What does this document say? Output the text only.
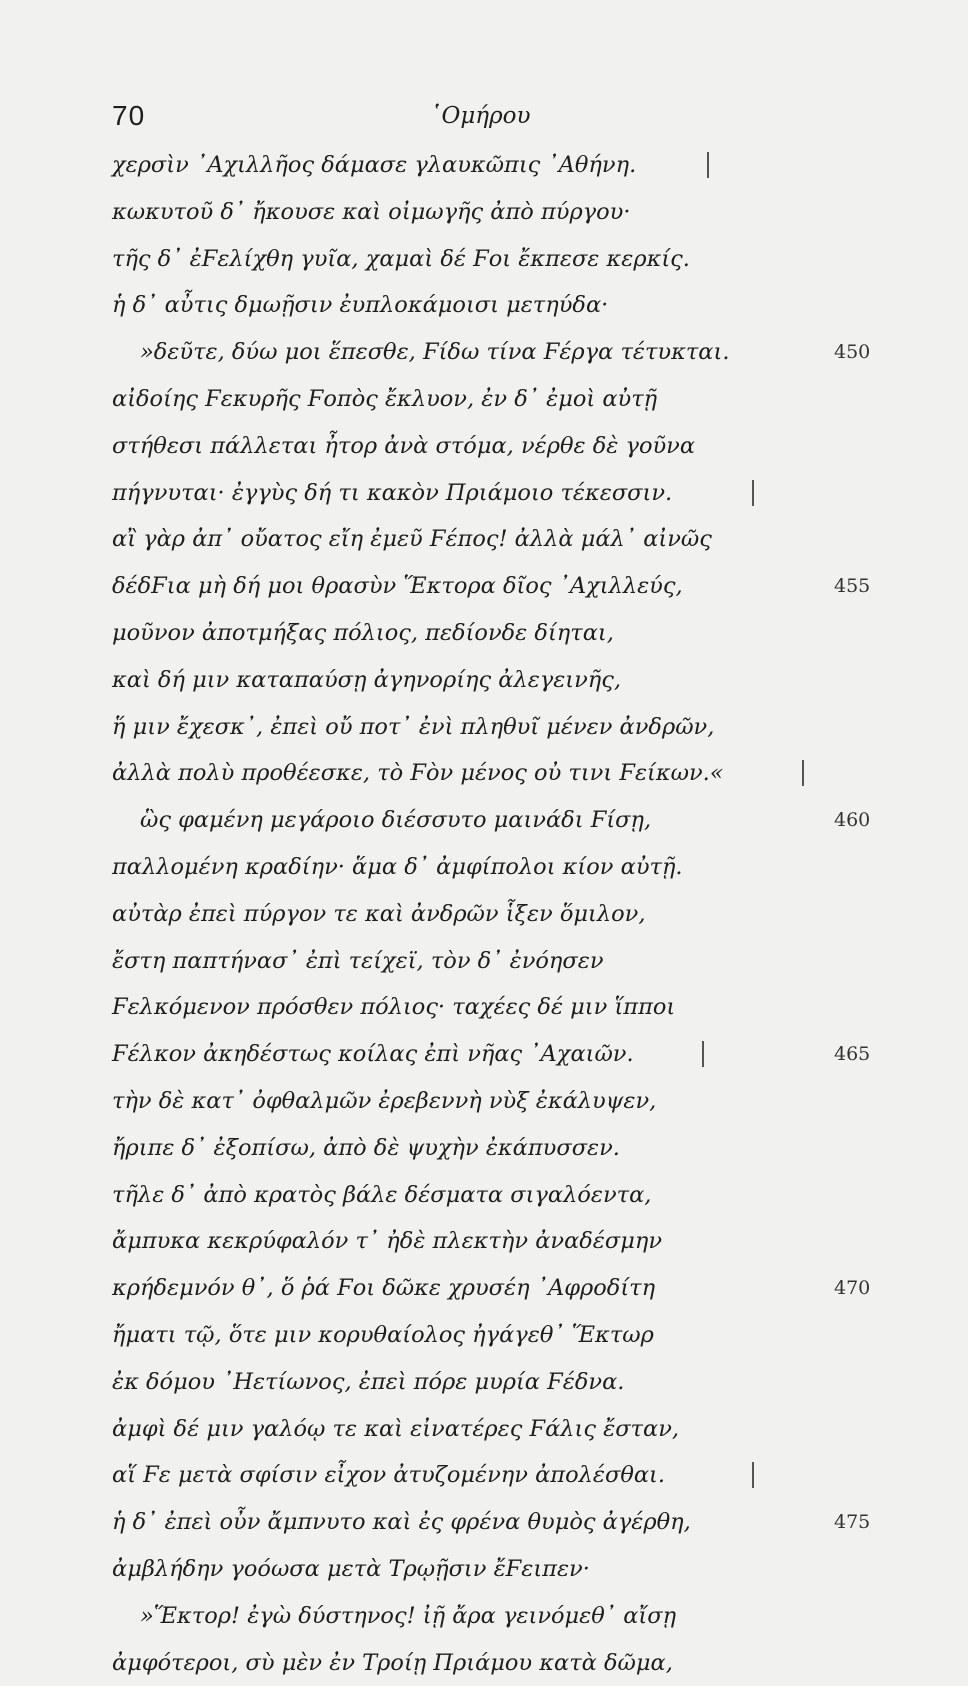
70	῾Ομήρου
χερσὶν ᾿Αχιλλῆος δάμασε γλαυκῶπις ᾿Αθήνη.
κωκυτοῦ δ᾿ ἤκουσε καὶ οἰμωγῆς ἀπὸ πύργου·
τῆς δ᾿ ἐϜελίχθη γυῖα, χαμαὶ δέ Ϝοι ἔκπεσε κερκίς.
ἡ δ᾿ αὖτις δμωῇσιν ἐυπλοκάμοισι μετηύδα·
»δεῦτε, δύω μοι ἕπεσθε, Ϝίδω τίνα Ϝέργα τέτυκται.	450
αἰδοίης Ϝεκυρῆς Ϝοπὸς ἔκλυον, ἐν δ᾿ ἐμοὶ αὐτῇ
στήθεσι πάλλεται ἦτορ ἀνὰ στόμα, νέρθε δὲ γοῦνα
πήγνυται· ἐγγὺς δή τι κακὸν Πριάμοιο τέκεσσιν.
αἲ γὰρ ἀπ᾿ οὔατος εἴη ἐμεῦ Ϝέπος! ἀλλὰ μάλ᾿ αἰνῶς
δέδϜια μὴ δή μοι θρασὺν Ἕκτορα δῖος ᾿Αχιλλεύς,	455
μοῦνον ἀποτμήξας πόλιος, πεδίονδε δίηται,
καὶ δή μιν καταπαύσῃ ἀγηνορίης ἀλεγεινῆς,
ἥ μιν ἔχεσκ᾿, ἐπεὶ οὔ ποτ᾿ ἐνὶ πληθυῖ μένεν ἀνδρῶν,
ἀλλὰ πολὺ προθέεσκε, τὸ Ϝὸν μένος οὐ τινι Ϝείκων.«
ὣς φαμένη μεγάροιο διέσσυτο μαινάδι Ϝίσῃ,	460
παλλομένη κραδίην· ἅμα δ᾿ ἀμφίπολοι κίον αὐτῇ.
αὐτὰρ ἐπεὶ πύργον τε καὶ ἀνδρῶν ἷξεν ὅμιλον,
ἔστη παπτήνασ᾿ ἐπὶ τείχεϊ, τὸν δ᾿ ἐνόησεν
Ϝελκόμενον πρόσθεν πόλιος· ταχέες δέ μιν ἵπποι
Ϝέλκον ἀκηδέστως κοίλας ἐπὶ νῆας ᾿Αχαιῶν.	465
τὴν δὲ κατ᾿ ὀφθαλμῶν ἐρεβεννὴ νὺξ ἐκάλυψεν,
ἤριπε δ᾿ ἐξοπίσω, ἀπὸ δὲ ψυχὴν ἐκάπυσσεν.
τῆλε δ᾿ ἀπὸ κρατὸς βάλε δέσματα σιγαλόεντα,
ἄμπυκα κεκρύφαλόν τ᾿ ἠδὲ πλεκτὴν ἀναδέσμην
κρήδεμνόν θ᾿, ὅ ῥά Ϝοι δῶκε χρυσέη ᾿Αφροδίτη	470
ἤματι τῷ, ὅτε μιν κορυθαίολος ἠγάγεθ᾿ Ἕκτωρ
ἐκ δόμου ᾿Ηετίωνος, ἐπεὶ πόρε μυρία Ϝέδνα.
ἀμφὶ δέ μιν γαλόῳ τε καὶ εἰνατέρες Ϝάλις ἔσταν,
αἵ Ϝε μετὰ σφίσιν εἶχον ἀτυζομένην ἀπολέσθαι.
ἡ δ᾿ ἐπεὶ οὖν ἄμπνυτο καὶ ἐς φρένα θυμὸς ἀγέρθη,	475
ἀμβλήδην γοόωσα μετὰ Τρῳῇσιν ἔϜειπεν·
»Ἕκτορ! ἐγὼ δύστηνος! ἰῇ ἄρα γεινόμεθ᾿ αἴσῃ
ἀμφότεροι, σὺ μὲν ἐν Τροίῃ Πριάμου κατὰ δῶμα,
